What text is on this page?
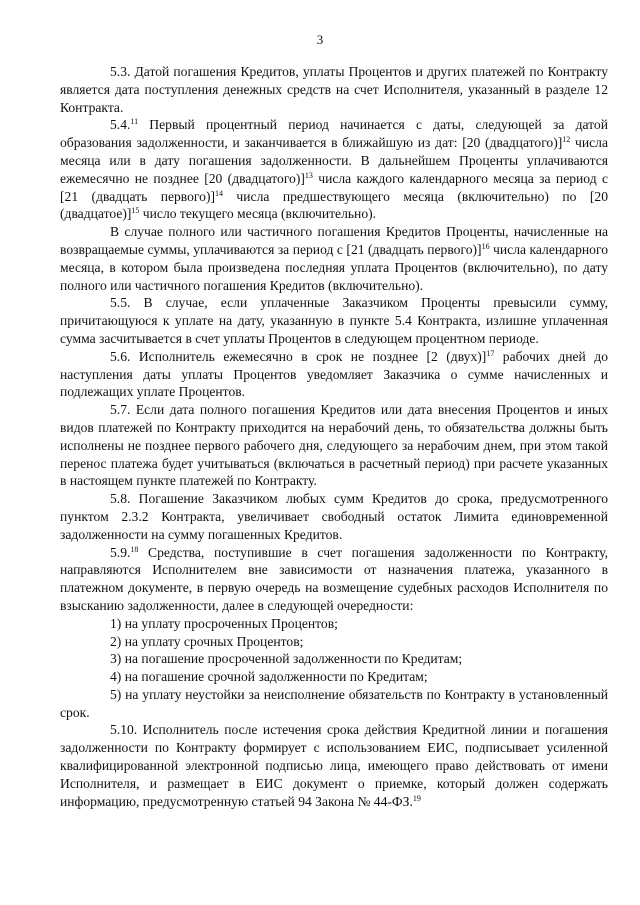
3

5.3. Датой погашения Кредитов, уплаты Процентов и других платежей по Контракту является дата поступления денежных средств на счет Исполнителя, указанный в разделе 12 Контракта.

5.4.11 Первый процентный период начинается с даты, следующей за датой образования задолженности, и заканчивается в ближайшую из дат: [20 (двадцатого)]$^{12}$ числа месяца или в дату погашения задолженности. В дальнейшем Проценты уплачиваются ежемесячно не позднее [20 (двадцатого)]$^{13}$ числа каждого календарного месяца за период с [21 (двадцать первого)]$^{14}$ числа предшествующего месяца (включительно) по [20 (двадцатое)]$^{15}$ число текущего месяца (включительно).

В случае полного или частичного погашения Кредитов Проценты, начисленные на возвращаемые суммы, уплачиваются за период с [21 (двадцать первого)]$^{16}$ числа календарного месяца, в котором была произведена последняя уплата Процентов (включительно), по дату полного или частичного погашения Кредитов (включительно).

5.5. В случае, если уплаченные Заказчиком Проценты превысили сумму, причитающуюся к уплате на дату, указанную в пункте 5.4 Контракта, излишне уплаченная сумма засчитывается в счет уплаты Процентов в следующем процентном периоде.

5.6. Исполнитель ежемесячно в срок не позднее [2 (двух)]$^{17}$ рабочих дней до наступления даты уплаты Процентов уведомляет Заказчика о сумме начисленных и подлежащих уплате Процентов.

5.7. Если дата полного погашения Кредитов или дата внесения Процентов и иных видов платежей по Контракту приходится на нерабочий день, то обязательства должны быть исполнены не позднее первого рабочего дня, следующего за нерабочим днем, при этом такой перенос платежа будет учитываться (включаться в расчетный период) при расчете указанных в настоящем пункте платежей по Контракту.

5.8. Погашение Заказчиком любых сумм Кредитов до срока, предусмотренного пунктом 2.3.2 Контракта, увеличивает свободный остаток Лимита единовременной задолженности на сумму погашенных Кредитов.

5.9.18 Средства, поступившие в счет погашения задолженности по Контракту, направляются Исполнителем вне зависимости от назначения платежа, указанного в платежном документе, в первую очередь на возмещение судебных расходов Исполнителя по взысканию задолженности, далее в следующей очередности:

1) на уплату просроченных Процентов;

2) на уплату срочных Процентов;

3) на погашение просроченной задолженности по Кредитам;

4) на погашение срочной задолженности по Кредитам;

5) на уплату неустойки за неисполнение обязательств по Контракту в установленный срок.

5.10. Исполнитель после истечения срока действия Кредитной линии и погашения задолженности по Контракту формирует с использованием ЕИС, подписывает усиленной квалифицированной электронной подписью лица, имеющего право действовать от имени Исполнителя, и размещает в ЕИС документ о приемке, который должен содержать информацию, предусмотренную статьей 94 Закона № 44-ФЗ.$^{19}$
